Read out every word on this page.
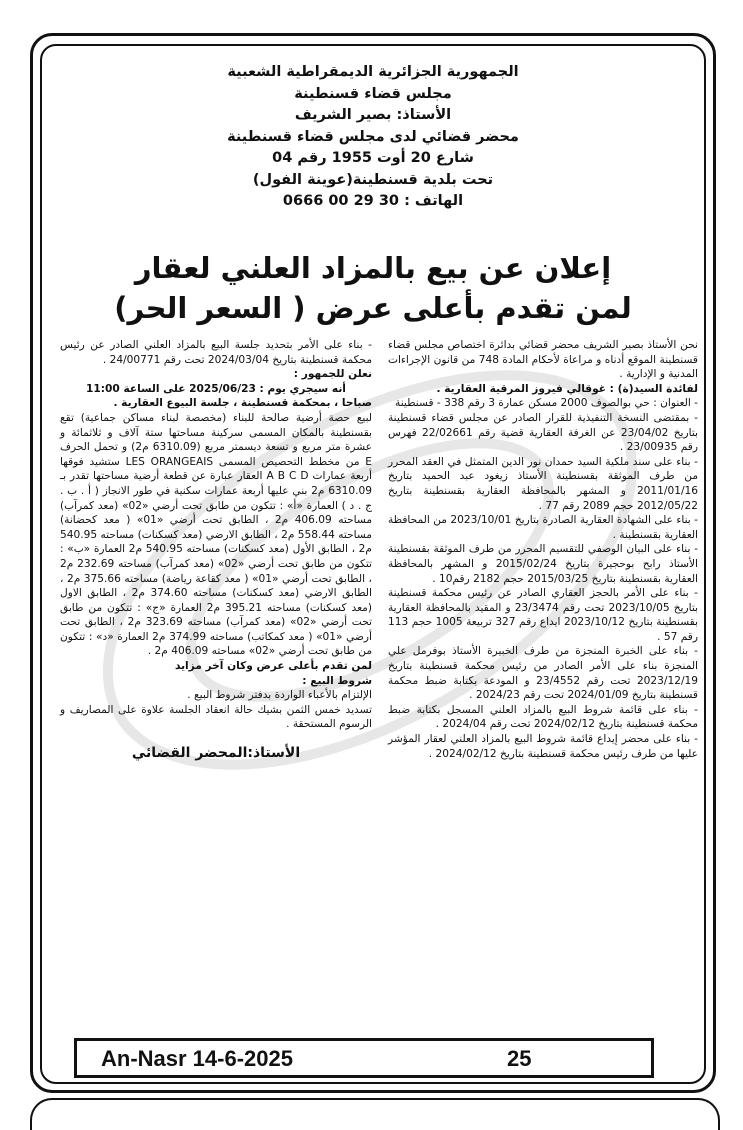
الجمهورية الجزائرية الديمقراطية الشعبية
مجلس قضاء قسنطينة
الأستاذ: بصير الشريف
محضر قضائي لدى مجلس قضاء قسنطينة
شارع 20 أوت 1955 رقم 04
تحت بلدية قسنطينة(عوينة الفول)
الهاتف : 30 29 00 0666
إعلان عن بيع بالمزاد العلني لعقار
لمن تقدم بأعلى عرض ( السعر الحر)

نحن الأستاذ بصير الشريف محضر قضائي بدائرة اختصاص مجلس قضاء قسنطينة الموقع أدناه و مراعاة لأحكام المادة 748 من قانون الإجراءات المدنية و الإدارية .

لفائدة السيد(ة) : غوقالي فيروز المرقية العقارية .

- العنوان : حي بوالصوف 2000 مسكن عمارة 3 رقم 338 - قسنطينة

- بمقتضى النسخة التنفيذية للقرار الصادر عن مجلس قضاء قسنطينة بتاريخ 23/04/02 عن الغرفة العقارية قضية رقم 22/02661 فهرس رقم 23/00935 .

- بناء على سند ملكية السيد حمدان نور الدين المتمثل في العقد المحرر من طرف الموثقة بقسنطينة الأستاذ زيغود عبد الحميد بتاريخ 2011/01/16 و المشهر بالمحافظة العقارية بقسنطينة بتاريخ 2012/05/22 حجم 2089 رقم 77 .

- بناء على الشهادة العقارية الصادرة بتاريخ 2023/10/01 من المحافظة العقارية بقسنطينة .

- بناء على البيان الوصفي للتقسيم المحرر من طرف الموثقة بقسنطينة الأستاذ رابح بوحجيرة بتاريخ 2015/02/24 و المشهر بالمحافظة العقارية بقسنطينة بتاريخ 2015/03/25 حجم 2182 رقم10 .

- بناء على الأمر بالحجز العقاري الصادر عن رئيس محكمة قسنطينة بتاريخ 2023/10/05 تحت رقم 23/3474 و المقيد بالمحافظة العقارية بقسنطينة بتاريخ 2023/10/12 ايداع رقم 327 تربيعة 1005 حجم 113 رقم 57 .

- بناء على الخبرة المنجزة من طرف الخبيرة الأستاذ بوفرمل علي المنجزة بناء على الأمر الصادر من رئيس محكمة قسنطينة بتاريخ 2023/12/19 تحت رقم 23/4552 و المودعة بكتابة ضبط محكمة قسنطينة بتاريخ 2024/01/09 تحت رقم 2024/23 .

- بناء على قائمة شروط البيع بالمزاد العلني المسجل بكتابة ضبط محكمة قسنطينة بتاريخ 2024/02/12 تحت رقم 2024/04 .

- بناء على محضر إيداع قائمة شروط البيع بالمزاد العلني لعقار المؤشر عليها من طرف رئيس محكمة قسنطينة بتاريخ 2024/02/12 .

- بناء على الأمر بتحديد جلسة البيع بالمزاد العلني الصادر عن رئيس محكمة قسنطينة بتاريخ 2024/03/04 تحت رقم 24/00771 .

نعلن للجمهور :

أنه سيجري يوم : 2025/06/23 على الساعة 11:00

صباحا ، بمحكمة قسنطينة ، جلسة البيوع العقارية .

لبيع حصة أرضية صالحة للبناء (مخصصة لبناء مساكن جماعية) تقع بقسنطينة بالمكان المسمى سركينة مساحتها ستة آلاف و ثلاثمائة و عشرة متر مربع و تسعة ديسمتر مربع (6310.09 م2) و تحمل الحرف E من مخطط التحصيص المسمى LES ORANGEAIS ستشيد فوقها أربعة عمارات A B C D العقار عبارة عن قطعة أرضية مساحتها تقدر بـ 6310.09 م2 بني عليها أربعة عمارات سكنية في طور الانجاز ( أ . ب . ج . د ) العمارة «أ» : تتكون من طابق تحت أرضي «02» (معد كمرآب) مساحته 406.09 م2 ، الطابق تحت أرضي «01» ( معد كحضانة) مساحته 558.44 م2 ، الطابق الارضي (معد كسكنات) مساحته 540.95 م2 ، الطابق الأول (معد كسكنات) مساحته 540.95 م2 العمارة «ب» : تتكون من طابق تحت أرضي «02» (معد كمرآب) مساحته 232.69 م2 ، الطابق تحت أرضي «01» ( معد كقاعة رياضة) مساحته 375.66 م2 ، الطابق الارضي (معد كسكنات) مساحته 374.60 م2 ، الطابق الاول (معد كسكنات) مساحته 395.21 م2 العمارة «ج» : تتكون من طابق تحت أرضي «02» (معد كمرآب) مساحته 323.69 م2 ، الطابق تحت أرضي «01» ( معد كمكاتب) مساحته 374.99 م2 العمارة «د» : تتكون من طابق تحت أرضي «02» مساحته 406.09 م2 .

لمن تقدم بأعلى عرض وكان آخر مزايد

شروط البيع :

الإلتزام بالأعباء الواردة بدفتر شروط البيع .

تسديد خمس الثمن بشيك حالة انعقاد الجلسة علاوة على المصاريف و الرسوم المستحقة .

الأستاذ:المحضر القضائي
An-Nasr 14-6-2025	25
